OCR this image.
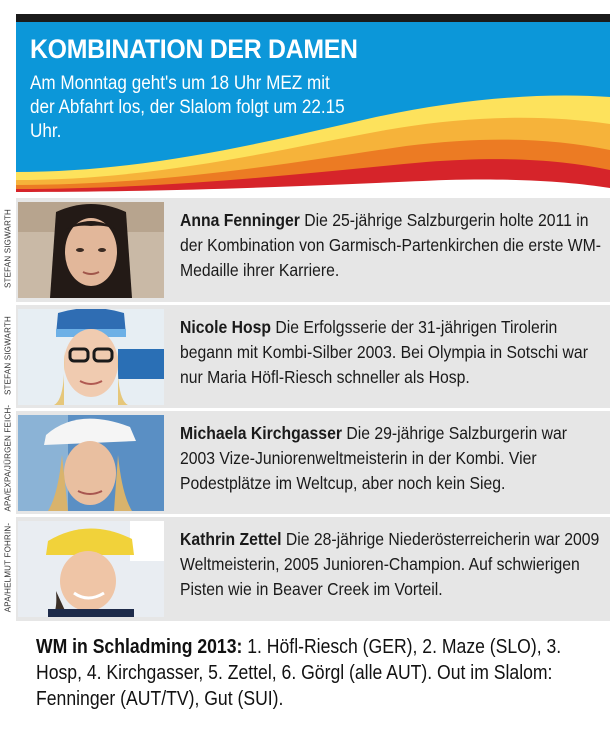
KOMBINATION DER DAMEN
Am Monntag geht's um 18 Uhr MEZ mit der Abfahrt los, der Slalom folgt um 22.15 Uhr.
STEFAN SIGWARTH	Anna Fenninger Die 25-jährige Salzburgerin holte 2011 in der Kombination von Garmisch-Partenkirchen die erste WM-Medaille ihrer Karriere.
STEFAN SIGWARTH	Nicole Hosp Die Erfolgsserie der 31-jährigen Tirolerin begann mit Kombi-Silber 2003. Bei Olympia in Sotschi war nur Maria Höfl-Riesch schneller als Hosp.
APA/EXPA/JÜRGEN FEICH-	Michaela Kirchgasser Die 29-jährige Salzburgerin war 2003 Vize-Juniorenweltmeisterin in der Kombi. Vier Podestplätze im Weltcup, aber noch kein Sieg.
APA/HELMUT FOHRIN-	Kathrin Zettel Die 28-jährige Niederösterreicherin war 2009 Weltmeisterin, 2005 Junioren-Champion. Auf schwierigen Pisten wie in Beaver Creek im Vorteil.
WM in Schladming 2013: 1. Höfl-Riesch (GER), 2. Maze (SLO), 3. Hosp, 4. Kirchgasser, 5. Zettel, 6. Görgl (alle AUT). Out im Slalom: Fenninger (AUT/TV), Gut (SUI).
